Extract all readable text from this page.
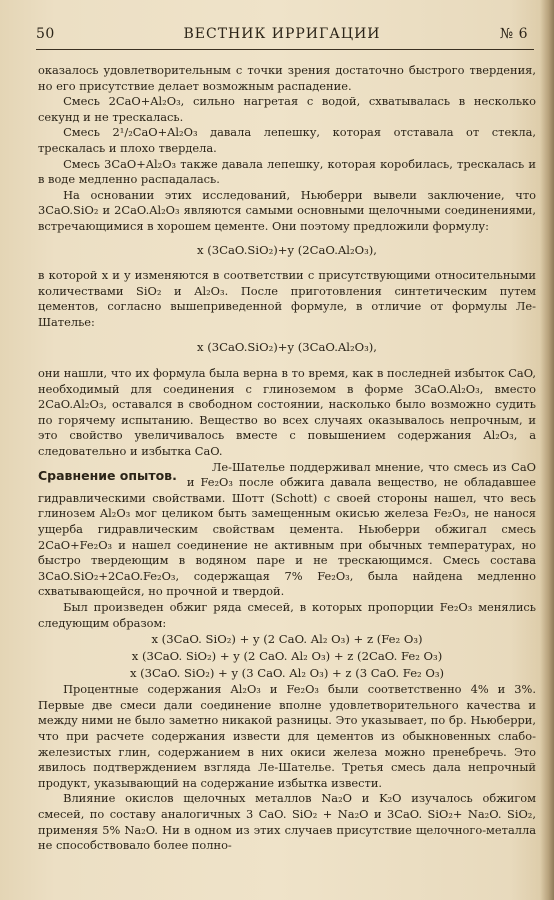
50	ВЕСТНИК ИРРИГАЦИИ	№ 6

оказалось удовлетворительным с точки зрения достаточно быстрого твердения, но его присутствие делает возможным распадение.

Смесь 2CaO+Al₂O₃, сильно нагретая с водой, схватывалась в несколько секунд и не трескалась.

Смесь 2¹/₂CaO+Al₂O₃ давала лепешку, которая отставала от стекла, трескалась и плохо твердела.

Смесь 3CaO+Al₂O₃ также давала лепешку, которая коробилась, трескалась и в воде медленно распадалась.

На основании этих исследований, Ньюберри вывели заключение, что 3CaO.SiO₂ и 2CaO.Al₂O₃ являются самыми основными щелочными соединениями, встречающимися в хорошем цементе. Они поэтому предложили формулу:

x (3CaO.SiO₂)+y (2CaO.Al₂O₃),

в которой x и y изменяются в соответствии с присутствующими относительными количествами SiO₂ и Al₂O₃. После приготовления синтетическим путем цементов, согласно вышеприведенной формуле, в отличие от формулы Ле-Шателье:

x (3CaO.SiO₂)+y (3CaO.Al₂O₃),

они нашли, что их формула была верна в то время, как в последней избыток CaO, необходимый для соединения с глиноземом в форме 3CaO.Al₂O₃, вместо 2CaO.Al₂O₃, оставался в свободном состоянии, насколько было возможно судить по горячему испытанию. Вещество во всех случаях оказывалось непрочным, и это свойство увеличивалось вместе с повышением содержания Al₂O₃, а следовательно и избытка CaO.

Сравнение опытов.

Ле-Шателье поддерживал мнение, что смесь из CaO и Fe₂O₃ после обжига давала вещество, не обладавшее гидравлическими свойствами. Шотт (Schott) с своей стороны нашел, что весь глинозем Al₂O₃ мог целиком быть замещенным окисью железа Fe₂O₃, не нанося ущерба гидравлическим свойствам цемента. Ньюберри обжигал смесь 2CaO+Fe₂O₃ и нашел соединение не активным при обычных температурах, но быстро твердеющим в водяном паре и не трескающимся. Смесь состава 3CaO.SiO₂+2CaO.Fe₂O₃, содержащая 7% Fe₂O₃, была найдена медленно схватывающейся, но прочной и твердой.

Был произведен обжиг ряда смесей, в которых пропорции Fe₂O₃ менялись следующим образом:

x (3CaO. SiO₂) + y (2 CaO. Al₂ O₃) + z (Fe₂ O₃)
x (3CaO. SiO₂) + y (2 CaO. Al₂ O₃) + z (2CaO. Fe₂ O₃)
x (3CaO. SiO₂) + y (3 CaO. Al₂ O₃) + z (3 CaO. Fe₂ O₃)

Процентные содержания Al₂O₃ и Fe₂O₃ были соответственно 4% и 3%. Первые две смеси дали соединение вполне удовлетворительного качества и между ними не было заметно никакой разницы. Это указывает, по бр. Ньюберри, что при расчете содержания извести для цементов из обыкновенных слабо-железистых глин, содержанием в них окиси железа можно пренебречь. Это явилось подтверждением взгляда Ле-Шателье. Третья смесь дала непрочный продукт, указывающий на содержание избытка извести.

Влияние окислов щелочных металлов Na₂O и K₂O изучалось обжигом смесей, по составу аналогичных 3 CaO. SiO₂ + Na₂O и 3CaO. SiO₂+ Na₂O. SiO₂, применяя 5% Na₂O. Ни в одном из этих случаев присутствие щелочного-металла не способствовало более полно-
